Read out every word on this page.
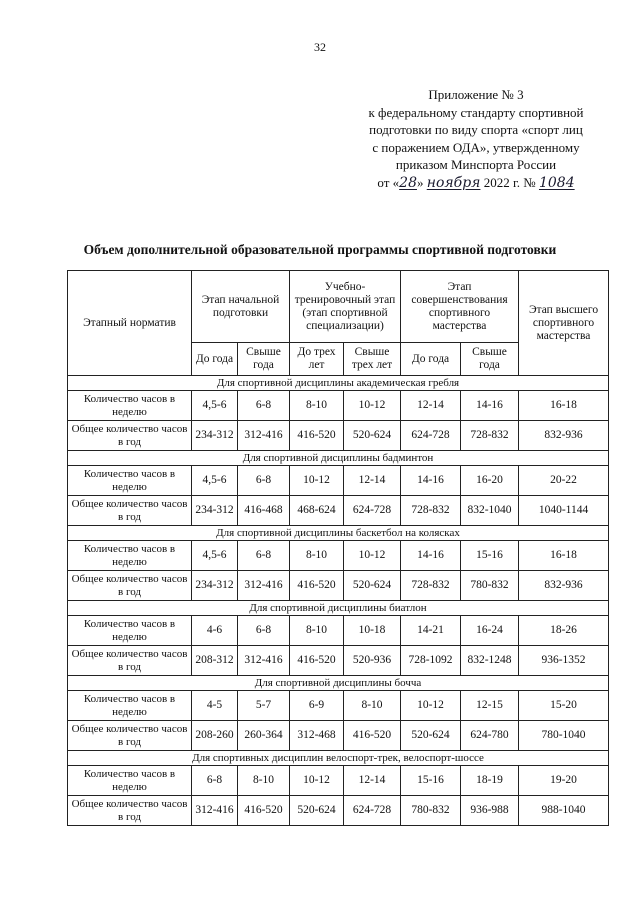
32
Приложение № 3
к федеральному стандарту спортивной
подготовки по виду спорта «спорт лиц
с поражением ОДА», утвержденному
приказом Минспорта России
от «28» ноября 2022 г. № 1084
Объем дополнительной образовательной программы спортивной подготовки
Этапный норматив	Этап начальной подготовки		Учебно-тренировочный этап (этап спортивной специализации)		Этап совершенствования спортивного мастерства		Этап высшего спортивного мастерства
	До года	Свыше года	До трех лет	Свыше трех лет	До года	Свыше года	
Для спортивной дисциплины академическая гребля							
Количество часов в неделю	4,5-6	6-8	8-10	10-12	12-14	14-16	16-18
Общее количество часов в год	234-312	312-416	416-520	520-624	624-728	728-832	832-936
Для спортивной дисциплины бадминтон							
Количество часов в неделю	4,5-6	6-8	10-12	12-14	14-16	16-20	20-22
Общее количество часов в год	234-312	416-468	468-624	624-728	728-832	832-1040	1040-1144
Для спортивной дисциплины баскетбол на колясках							
Количество часов в неделю	4,5-6	6-8	8-10	10-12	14-16	15-16	16-18
Общее количество часов в год	234-312	312-416	416-520	520-624	728-832	780-832	832-936
Для спортивной дисциплины биатлон							
Количество часов в неделю	4-6	6-8	8-10	10-18	14-21	16-24	18-26
Общее количество часов в год	208-312	312-416	416-520	520-936	728-1092	832-1248	936-1352
Для спортивной дисциплины бочча							
Количество часов в неделю	4-5	5-7	6-9	8-10	10-12	12-15	15-20
Общее количество часов в год	208-260	260-364	312-468	416-520	520-624	624-780	780-1040
Для спортивных дисциплин велоспорт-трек, велоспорт-шоссе							
Количество часов в неделю	6-8	8-10	10-12	12-14	15-16	18-19	19-20
Общее количество часов в год	312-416	416-520	520-624	624-728	780-832	936-988	988-1040
